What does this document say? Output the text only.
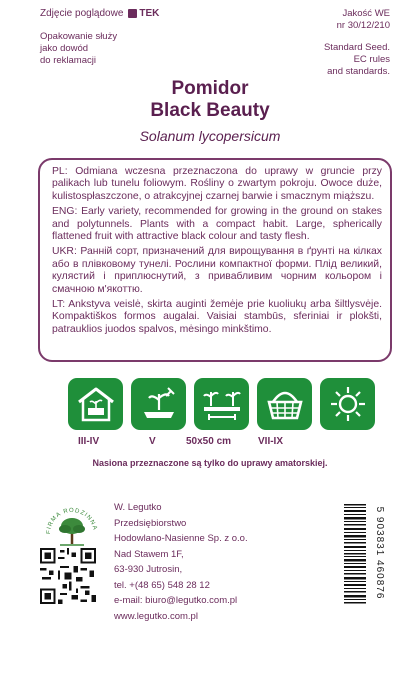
Zdjęcie poglądowe TEK
Opakowanie służy
jako dowód
do reklamacji
Jakość WE
nr 30/12/210
Standard Seed.
EC rules
and standards.
Pomidor
Black Beauty
Solanum lycopersicum

PL: Odmiana wczesna przeznaczona do uprawy w gruncie przy palikach lub tunelu foliowym. Rośliny o zwartym pokroju. Owoce duże, kulistospłaszczone, o atrakcyjnej czarnej barwie i smacznym miąższu.

ENG: Early variety, recommended for growing in the ground on stakes and polytunnels. Plants with a compact habit. Large, spherically flattened fruit with attractive black colour and tasty flesh.

UKR: Ранній сорт, призначений для вирощування в ґрунті на кілках або в плівковому тунелі. Рослини компактної форми. Плід великий, кулястий і приплюснутий, з привабливим чорним кольором і смачною м'якоттю.

LT: Ankstyva veislė, skirta auginti žemėje prie kuoliukų arba šiltlysvėje. Kompaktiškos formos augalai. Vaisiai stambūs, sferiniai ir plokšti, patrauklios juodos spalvos, mėsingo minkštimo.

III-IV	V	50x50 cm	VII-IX
Nasiona przeznaczone są tylko do uprawy amatorskiej.
FIRMA RODZINNA
W. Legutko
Przedsiębiorstwo
Hodowlano-Nasienne Sp. z o.o.
Nad Stawem 1F,
63-930 Jutrosin,
tel. +(48 65) 548 28 12
e-mail: biuro@legutko.com.pl
www.legutko.com.pl
5 903831 460876
